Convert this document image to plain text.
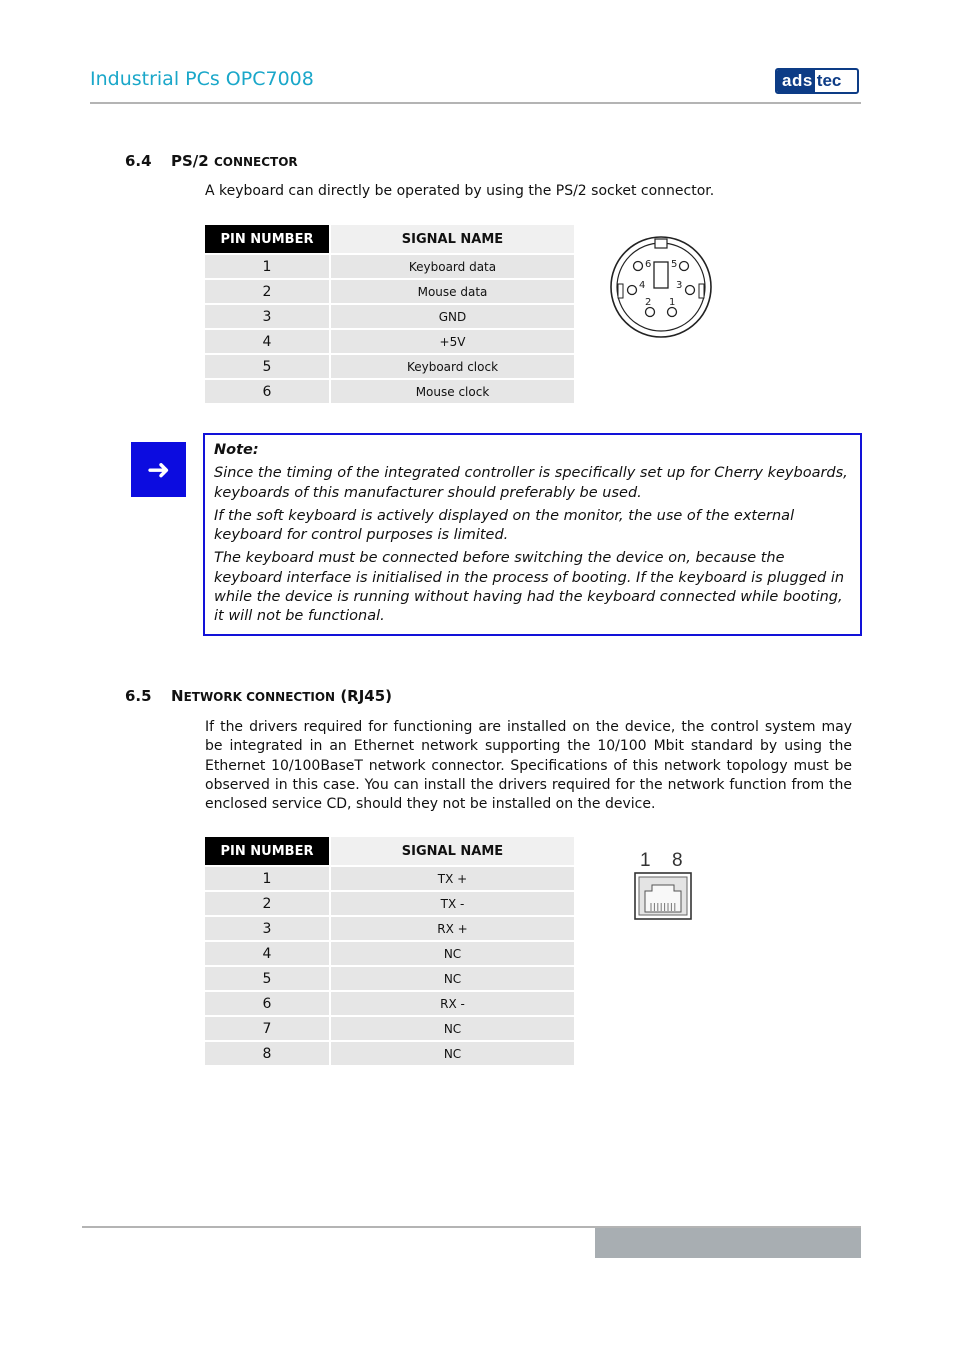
Industrial PCs OPC7008	ads tec
6.4 PS/2 CONNECTOR
A keyboard can directly be operated by using the PS/2 socket connector.
PIN NUMBER	SIGNAL NAME
1	Keyboard data
2	Mouse data
3	GND
4	+5V
5	Keyboard clock
6	Mouse clock
6 5
4	3
2 1
➜
Note:

Since the timing of the integrated controller is specifically set up for Cherry keyboards, keyboards of this manufacturer should preferably be used.

If the soft keyboard is actively displayed on the monitor, the use of the external keyboard for control purposes is limited.

The keyboard must be connected before switching the device on, because the keyboard interface is initialised in the process of booting. If the keyboard is plugged in while the device is running without having had the keyboard connected while booting, it will not be functional.

6.5 NETWORK CONNECTION (RJ45)
If the drivers required for functioning are installed on the device, the control system may be integrated in an Ethernet network supporting the 10/100 Mbit standard by using the Ethernet 10/100BaseT network connector. Specifications of this network topology must be observed in this case. You can install the drivers required for the network function from the enclosed service CD, should they not be installed on the device.
PIN NUMBER	SIGNAL NAME
1	TX +
2	TX -
3	RX +
4	NC
5	NC
6	RX -
7	NC
8	NC
1 8
